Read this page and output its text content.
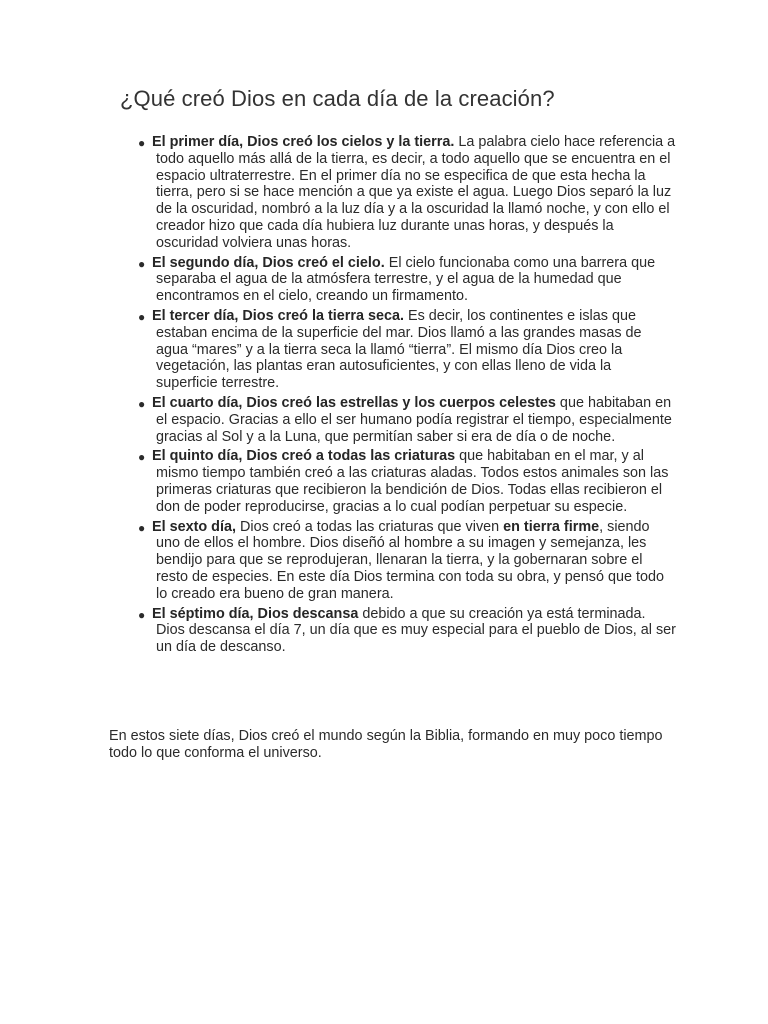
¿Qué creó Dios en cada día de la creación?
● El primer día, Dios creó los cielos y la tierra. La palabra cielo hace referencia a todo aquello más allá de la tierra, es decir, a todo aquello que se encuentra en el espacio ultraterrestre. En el primer día no se especifica de que esta hecha la tierra, pero si se hace mención a que ya existe el agua. Luego Dios separó la luz de la oscuridad, nombró a la luz día y a la oscuridad la llamó noche, y con ello el creador hizo que cada día hubiera luz durante unas horas, y después la oscuridad volviera unas horas.
● El segundo día, Dios creó el cielo. El cielo funcionaba como una barrera que separaba el agua de la atmósfera terrestre, y el agua de la humedad que encontramos en el cielo, creando un firmamento.
● El tercer día, Dios creó la tierra seca. Es decir, los continentes e islas que estaban encima de la superficie del mar. Dios llamó a las grandes masas de agua “mares” y a la tierra seca la llamó “tierra”. El mismo día Dios creo la vegetación, las plantas eran autosuficientes, y con ellas lleno de vida la superficie terrestre.
● El cuarto día, Dios creó las estrellas y los cuerpos celestes que habitaban en el espacio. Gracias a ello el ser humano podía registrar el tiempo, especialmente gracias al Sol y a la Luna, que permitían saber si era de día o de noche.
● El quinto día, Dios creó a todas las criaturas que habitaban en el mar, y al mismo tiempo también creó a las criaturas aladas. Todos estos animales son las primeras criaturas que recibieron la bendición de Dios. Todas ellas recibieron el don de poder reproducirse, gracias a lo cual podían perpetuar su especie.
● El sexto día, Dios creó a todas las criaturas que viven en tierra firme, siendo uno de ellos el hombre. Dios diseñó al hombre a su imagen y semejanza, les bendijo para que se reprodujeran, llenaran la tierra, y la gobernaran sobre el resto de especies. En este día Dios termina con toda su obra, y pensó que todo lo creado era bueno de gran manera.
● El séptimo día, Dios descansa debido a que su creación ya está terminada. Dios descansa el día 7, un día que es muy especial para el pueblo de Dios, al ser un día de descanso.

En estos siete días, Dios creó el mundo según la Biblia, formando en muy poco tiempo todo lo que conforma el universo.
